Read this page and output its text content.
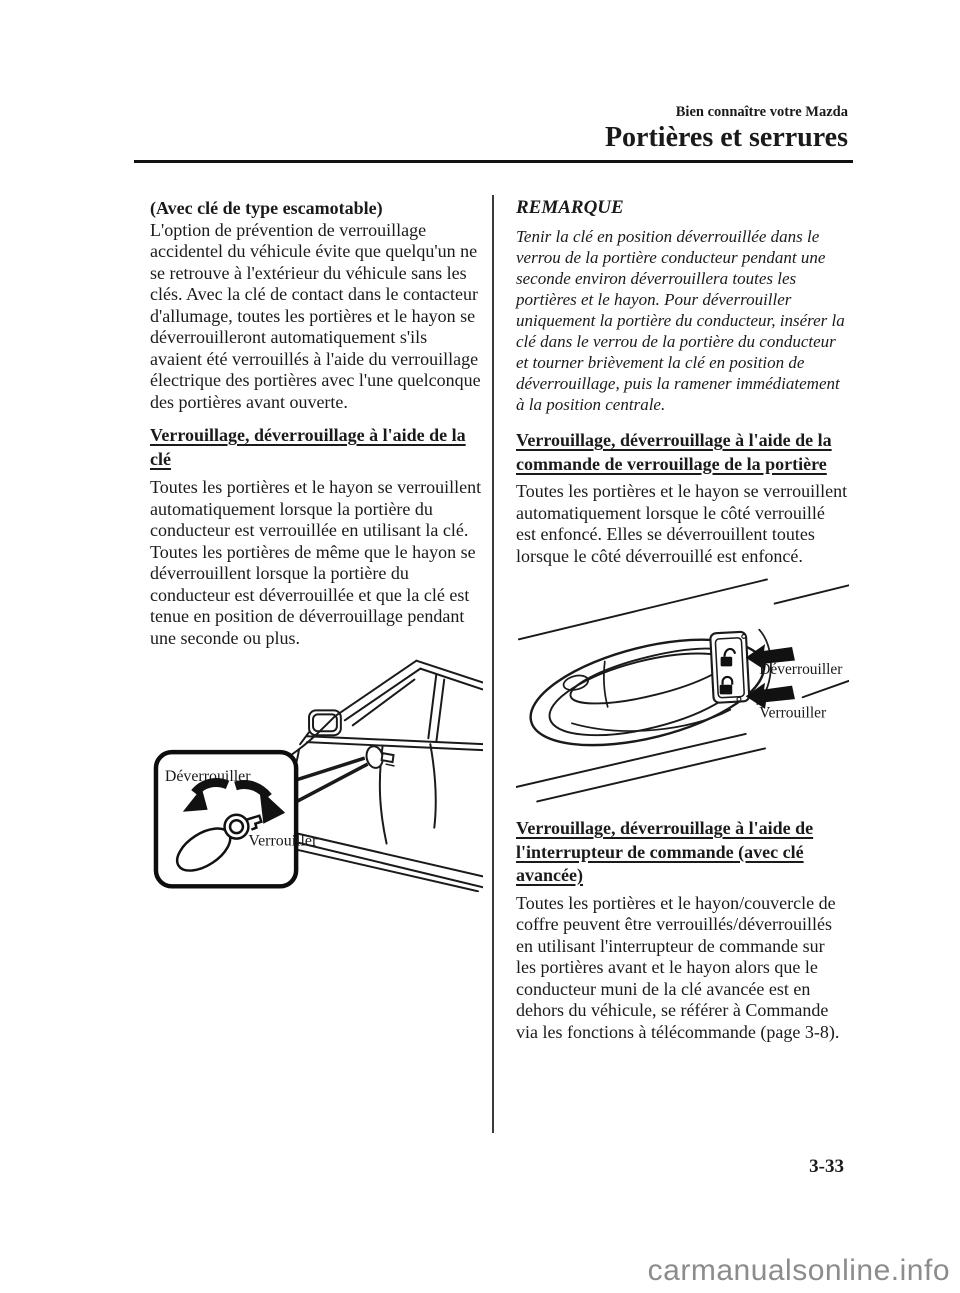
Bien connaître votre Mazda
Portières et serrures
(Avec clé de type escamotable)
L'option de prévention de verrouillage accidentel du véhicule évite que quelqu'un ne se retrouve à l'extérieur du véhicule sans les clés. Avec la clé de contact dans le contacteur d'allumage, toutes les portières et le hayon se déverrouilleront automatiquement s'ils avaient été verrouillés à l'aide du verrouillage électrique des portières avec l'une quelconque des portières avant ouverte.
Verrouillage, déverrouillage à l'aide de la clé
Toutes les portières et le hayon se verrouillent automatiquement lorsque la portière du conducteur est verrouillée en utilisant la clé.
Toutes les portières de même que le hayon se déverrouillent lorsque la portière du conducteur est déverrouillée et que la clé est tenue en position de déverrouillage pendant une seconde ou plus.
Déverrouiller
Verrouiller
REMARQUE
Tenir la clé en position déverrouillée dans le verrou de la portière conducteur pendant une seconde environ déverrouillera toutes les portières et le hayon. Pour déverrouiller uniquement la portière du conducteur, insérer la clé dans le verrou de la portière du conducteur et tourner brièvement la clé en position de déverrouillage, puis la ramener immédiatement à la position centrale.
Verrouillage, déverrouillage à l'aide de la commande de verrouillage de la portière
Toutes les portières et le hayon se verrouillent automatiquement lorsque le côté verrouillé est enfoncé. Elles se déverrouillent toutes lorsque le côté déverrouillé est enfoncé.
Déverrouiller
Verrouiller
Verrouillage, déverrouillage à l'aide de l'interrupteur de commande (avec clé avancée)
Toutes les portières et le hayon/couvercle de coffre peuvent être verrouillés/déverrouillés en utilisant l'interrupteur de commande sur les portières avant et le hayon alors que le conducteur muni de la clé avancée est en dehors du véhicule, se référer à Commande via les fonctions à télécommande (page 3-8).
3-33
carmanualsonline.info
